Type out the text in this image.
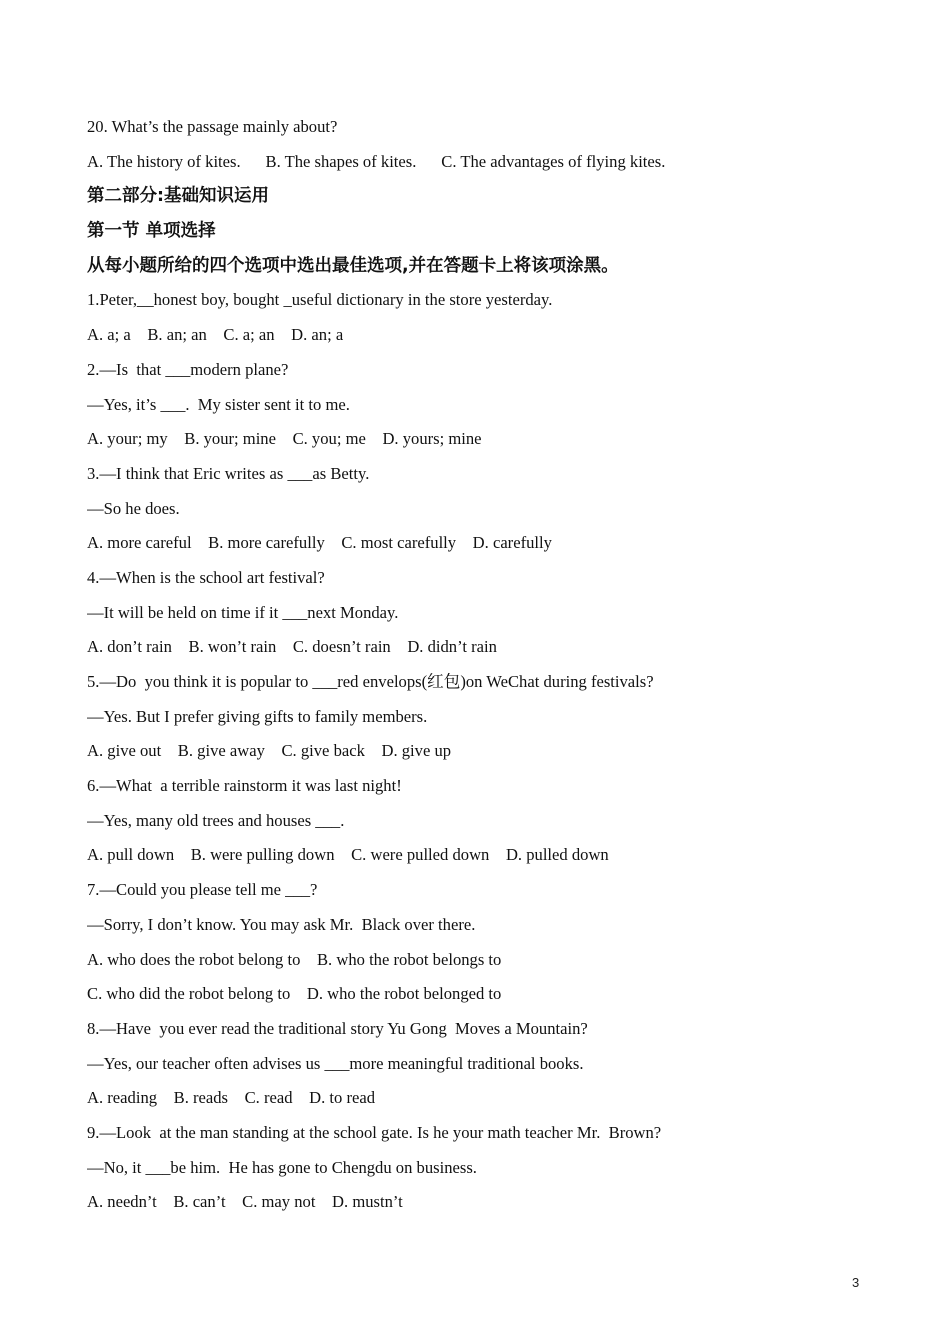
20. What’s the passage mainly about?
A. The history of kites.      B. The shapes of kites.      C. The advantages of flying kites.
第二部分:基础知识运用
第一节 单项选择
从每小题所给的四个选项中选出最佳选项,并在答题卡上将该项涂黑。
1.Peter,__honest boy, bought _useful dictionary in the store yesterday.
A. a; a    B. an; an    C. a; an    D. an; a
2.—Is  that ___modern plane?
—Yes, it’s ___.  My sister sent it to me.
A. your; my    B. your; mine    C. you; me    D. yours; mine
3.—I think that Eric writes as ___as Betty.
—So he does.
A. more careful    B. more carefully    C. most carefully    D. carefully
4.—When is the school art festival?
—It will be held on time if it ___next Monday.
A. don’t rain    B. won’t rain    C. doesn’t rain    D. didn’t rain
5.—Do  you think it is popular to ___red envelops(红包)on WeChat during festivals?
—Yes. But I prefer giving gifts to family members.
A. give out    B. give away    C. give back    D. give up
6.—What  a terrible rainstorm it was last night!
—Yes, many old trees and houses ___.
A. pull down    B. were pulling down    C. were pulled down    D. pulled down
7.—Could you please tell me ___?
—Sorry, I don’t know. You may ask Mr.  Black over there.
A. who does the robot belong to    B. who the robot belongs to
C. who did the robot belong to    D. who the robot belonged to
8.—Have  you ever read the traditional story Yu Gong  Moves a Mountain?
—Yes, our teacher often advises us ___more meaningful traditional books.
A. reading    B. reads    C. read    D. to read
9.—Look  at the man standing at the school gate. Is he your math teacher Mr.  Brown?
—No, it ___be him.  He has gone to Chengdu on business.
A. needn’t    B. can’t    C. may not    D. mustn’t
3
